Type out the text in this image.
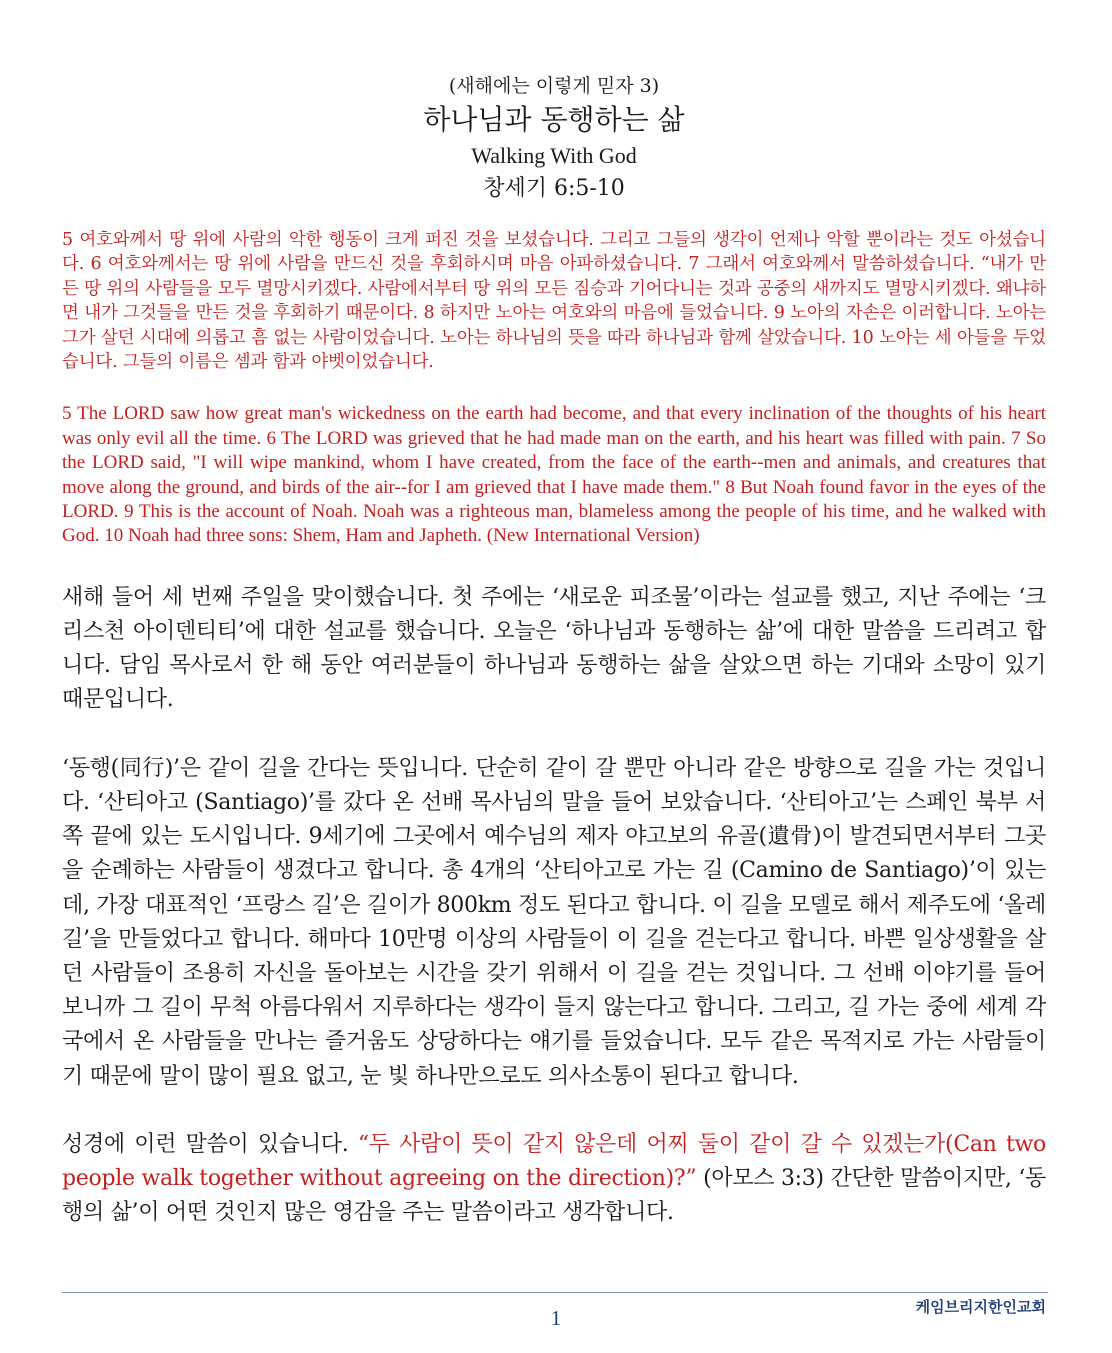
(새해에는 이렇게 믿자 3)

하나님과 동행하는 삶

Walking With God

창세기 6:5-10

5 여호와께서 땅 위에 사람의 악한 행동이 크게 퍼진 것을 보셨습니다. 그리고 그들의 생각이 언제나 악할 뿐이라는 것도 아셨습니다. 6 여호와께서는 땅 위에 사람을 만드신 것을 후회하시며 마음 아파하셨습니다. 7 그래서 여호와께서 말씀하셨습니다. “내가 만든 땅 위의 사람들을 모두 멸망시키겠다. 사람에서부터 땅 위의 모든 짐승과 기어다니는 것과 공중의 새까지도 멸망시키겠다. 왜냐하면 내가 그것들을 만든 것을 후회하기 때문이다. 8 하지만 노아는 여호와의 마음에 들었습니다. 9 노아의 자손은 이러합니다. 노아는 그가 살던 시대에 의롭고 흠 없는 사람이었습니다. 노아는 하나님의 뜻을 따라 하나님과 함께 살았습니다. 10 노아는 세 아들을 두었습니다. 그들의 이름은 셈과 함과 야벳이었습니다.

5 The LORD saw how great man's wickedness on the earth had become, and that every inclination of the thoughts of his heart was only evil all the time. 6 The LORD was grieved that he had made man on the earth, and his heart was filled with pain. 7 So the LORD said, "I will wipe mankind, whom I have created, from the face of the earth--men and animals, and creatures that move along the ground, and birds of the air--for I am grieved that I have made them." 8 But Noah found favor in the eyes of the LORD. 9 This is the account of Noah. Noah was a righteous man, blameless among the people of his time, and he walked with God. 10 Noah had three sons: Shem, Ham and Japheth. (New International Version)

새해 들어 세 번째 주일을 맞이했습니다. 첫 주에는 ‘새로운 피조물’이라는 설교를 했고, 지난 주에는 ‘크리스천 아이덴티티’에 대한 설교를 했습니다. 오늘은 ‘하나님과 동행하는 삶’에 대한 말씀을 드리려고 합니다. 담임 목사로서 한 해 동안 여러분들이 하나님과 동행하는 삶을 살았으면 하는 기대와 소망이 있기 때문입니다.

‘동행(同行)’은 같이 길을 간다는 뜻입니다. 단순히 같이 갈 뿐만 아니라 같은 방향으로 길을 가는 것입니다. ‘산티아고 (Santiago)’를 갔다 온 선배 목사님의 말을 들어 보았습니다. ‘산티아고’는 스페인 북부 서쪽 끝에 있는 도시입니다. 9세기에 그곳에서 예수님의 제자 야고보의 유골(遺骨)이 발견되면서부터 그곳을 순례하는 사람들이 생겼다고 합니다. 총 4개의 ‘산티아고로 가는 길 (Camino de Santiago)’이 있는데, 가장 대표적인 ‘프랑스 길’은 길이가 800km 정도 된다고 합니다. 이 길을 모델로 해서 제주도에 ‘올레길’을 만들었다고 합니다. 해마다 10만명 이상의 사람들이 이 길을 걷는다고 합니다. 바쁜 일상생활을 살던 사람들이 조용히 자신을 돌아보는 시간을 갖기 위해서 이 길을 걷는 것입니다. 그 선배 이야기를 들어 보니까 그 길이 무척 아름다워서 지루하다는 생각이 들지 않는다고 합니다. 그리고, 길 가는 중에 세계 각국에서 온 사람들을 만나는 즐거움도 상당하다는 얘기를 들었습니다. 모두 같은 목적지로 가는 사람들이기 때문에 말이 많이 필요 없고, 눈 빛 하나만으로도 의사소통이 된다고 합니다.

성경에 이런 말씀이 있습니다. “두 사람이 뜻이 같지 않은데 어찌 둘이 같이 갈 수 있겠는가(Can two people walk together without agreeing on the direction)?” (아모스 3:3) 간단한 말씀이지만, ‘동행의 삶’이 어떤 것인지 많은 영감을 주는 말씀이라고 생각합니다.

케임브리지한인교회
1
